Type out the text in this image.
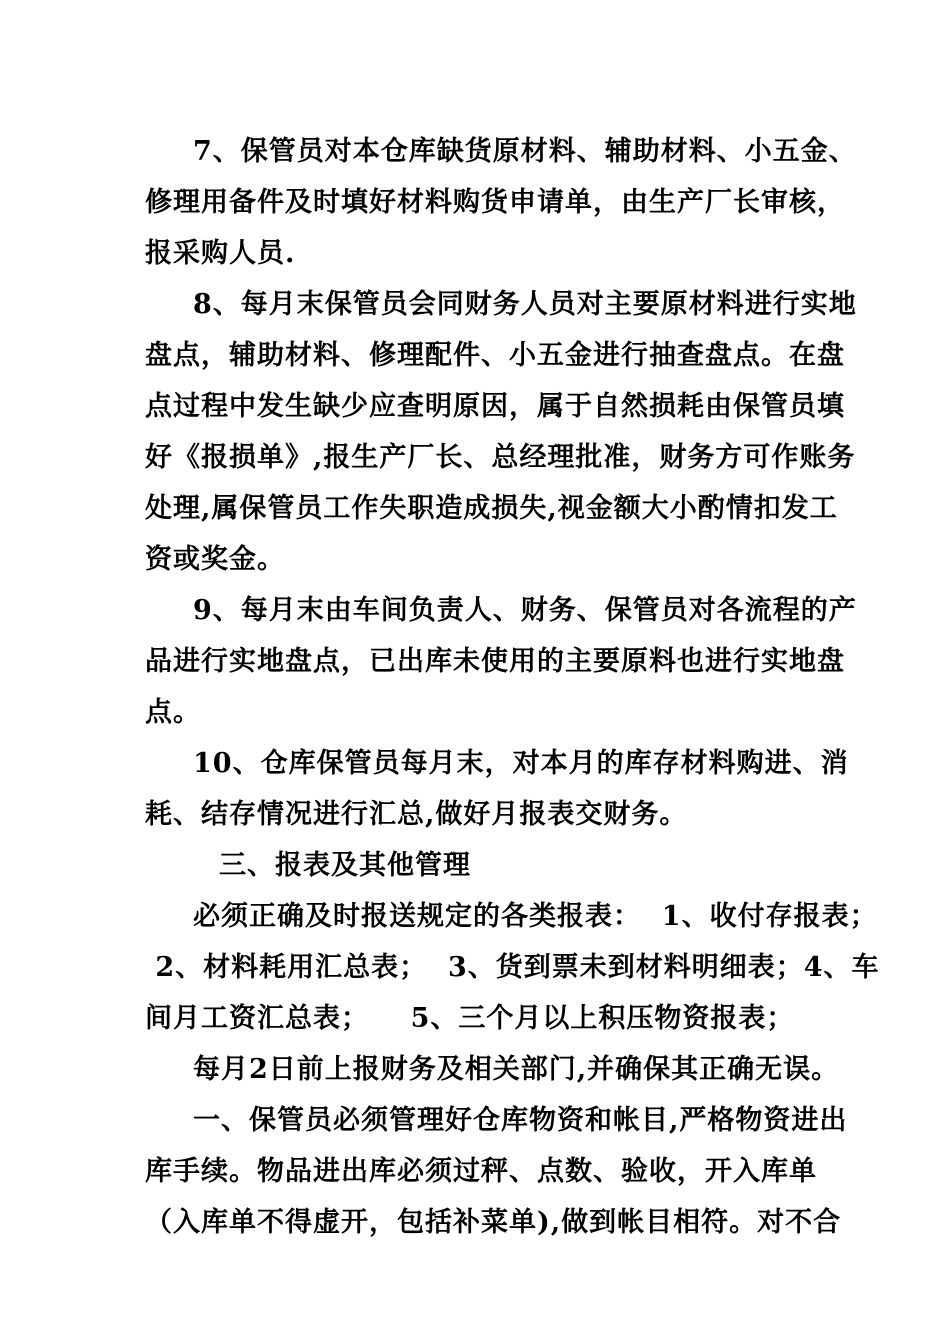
7、保管员对本仓库缺货原材料、辅助材料、小五金、
修理用备件及时填好材料购货申请单，由生产厂长审核，
报采购人员.
8、每月末保管员会同财务人员对主要原材料进行实地
盘点，辅助材料、修理配件、小五金进行抽查盘点。在盘
点过程中发生缺少应查明原因，属于自然损耗由保管员填
好《报损单》,报生产厂长、总经理批准，财务方可作账务
处理,属保管员工作失职造成损失,视金额大小酌情扣发工
资或奖金。
9、每月末由车间负责人、财务、保管员对各流程的产
品进行实地盘点，已出库未使用的主要原料也进行实地盘
点。
10、仓库保管员每月末，对本月的库存材料购进、消
耗、结存情况进行汇总,做好月报表交财务。
三、报表及其他管理
必须正确及时报送规定的各类报表：  1、收付存报表；
2、材料耗用汇总表；  3、货到票未到材料明细表；4、车
间月工资汇总表；    5、三个月以上积压物资报表；
每月2日前上报财务及相关部门,并确保其正确无误。
一、保管员必须管理好仓库物资和帐目,严格物资进出
库手续。物品进出库必须过秤、点数、验收，开入库单
（入库单不得虚开，包括补菜单),做到帐目相符。对不合
